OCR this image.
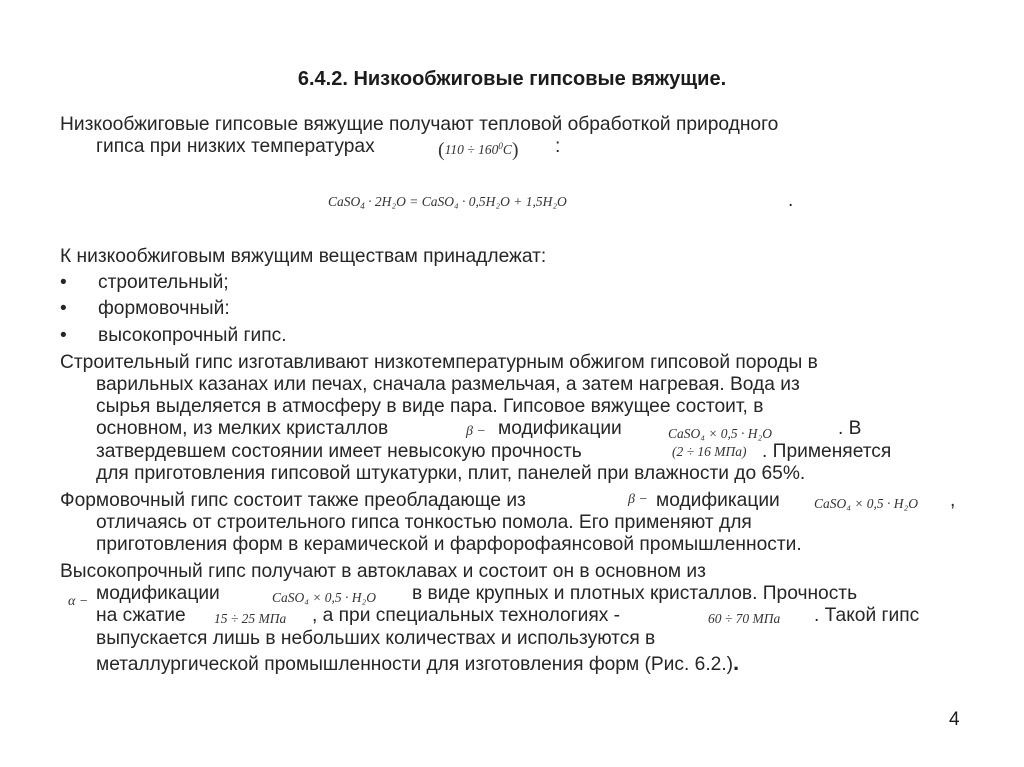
6.4.2. Низкообжиговые гипсовые вяжущие.
Низкообжиговые гипсовые вяжущие получают тепловой обработкой природного
гипса при низких температурах	$(110 \div 160^0C)$ :
CaSO$_4$ · 2H₂O = CaSO₄ · 0,5H₂O + 1,5H₂O	.
К низкообжиговым вяжущим веществам принадлежат:
• строительный;
• формовочный:
• высокопрочный гипс.
Строительный гипс изготавливают низкотемпературным обжигом гипсовой породы в
варильных казанах или печах, сначала размельчая, а затем нагревая. Вода из
сырья выделяется в атмосферу в виде пара. Гипсовое вяжущее состоит, в
основном, из мелких кристаллов	β − модификации	CaSO₄ × 0,5 · H₂O	. В
затвердевшем состоянии имеет невысокую прочность	(2 ÷ 16 МПа) . Применяется
для приготовления гипсовой штукатурки, плит, панелей при влажности до 65%.
Формовочный гипс состоит также преобладающе из	β − модификации	CaSO₄ × 0,5 · H₂O ,
отличаясь от строительного гипса тонкостью помола. Его применяют для
приготовления форм в керамической и фарфорофаянсовой промышленности.
Высокопрочный гипс получают в автоклавах и состоит он в основном из
α − модификации	CaSO₄ × 0,5 · H₂O в виде крупных и плотных кристаллов. Прочность
на сжатие 15 ÷ 25 МПа , а при специальных технологиях -	60 ÷ 70 МПа . Такой гипс
выпускается лишь в небольших количествах и используются в
металлургической промышленности для изготовления форм (Рис. 6.2.).
4
